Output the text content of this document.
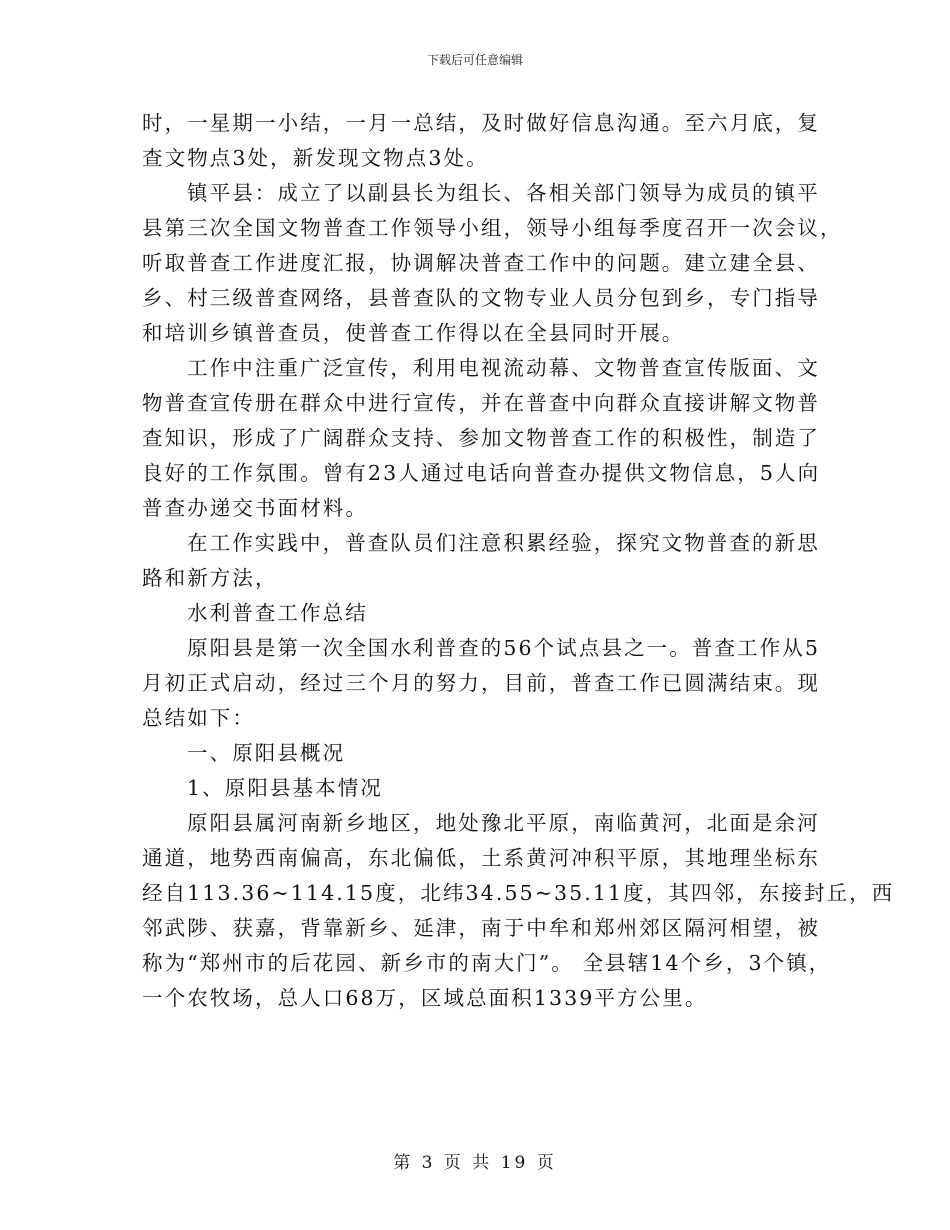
下载后可任意编辑
时，一星期一小结，一月一总结，及时做好信息沟通。至六月底，复
查文物点3处，新发现文物点3处。
镇平县：成立了以副县长为组长、各相关部门领导为成员的镇平
县第三次全国文物普查工作领导小组，领导小组每季度召开一次会议，
听取普查工作进度汇报，协调解决普查工作中的问题。建立建全县、
乡、村三级普查网络，县普查队的文物专业人员分包到乡，专门指导
和培训乡镇普查员，使普查工作得以在全县同时开展。
工作中注重广泛宣传，利用电视流动幕、文物普查宣传版面、文
物普查宣传册在群众中进行宣传，并在普查中向群众直接讲解文物普
查知识，形成了广阔群众支持、参加文物普查工作的积极性，制造了
良好的工作氛围。曾有23人通过电话向普查办提供文物信息，5人向
普查办递交书面材料。
在工作实践中，普查队员们注意积累经验，探究文物普查的新思
路和新方法，
水利普查工作总结
原阳县是第一次全国水利普查的56个试点县之一。普查工作从5
月初正式启动，经过三个月的努力，目前，普查工作已圆满结束。现
总结如下：
一、原阳县概况
1、原阳县基本情况
原阳县属河南新乡地区，地处豫北平原，南临黄河，北面是余河
通道，地势西南偏高，东北偏低，土系黄河冲积平原，其地理坐标东
经自113.36~114.15度，北纬34.55~35.11度，其四邻，东接封丘，西
邻武陟、获嘉，背靠新乡、延津，南于中牟和郑州郊区隔河相望，被
称为“郑州市的后花园、新乡市的南大门”。 全县辖14个乡，3个镇，
一个农牧场，总人口68万，区域总面积1339平方公里。
第 3 页 共 19 页
